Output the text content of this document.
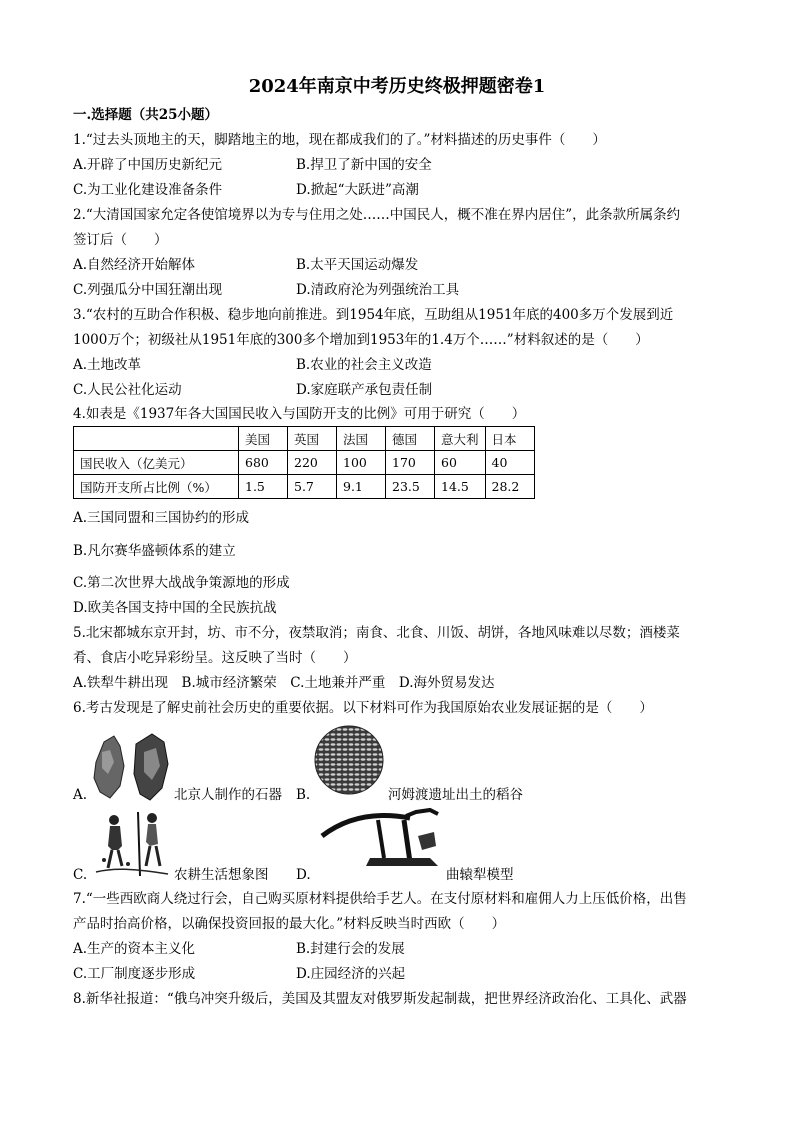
2024年南京中考历史终极押题密卷1
一.选择题（共25小题）
1.“过去头顶地主的天，脚踏地主的地，现在都成我们的了。”材料描述的历史事件（　　）
A.开辟了中国历史新纪元	B.捍卫了新中国的安全
C.为工业化建设准备条件	D.掀起“大跃进”高潮
2.“大清国国家允定各使馆境界以为专与住用之处……中国民人，概不准在界内居住”，此条款所属条约
签订后（　　）
A.自然经济开始解体	B.太平天国运动爆发
C.列强瓜分中国狂潮出现	D.清政府沦为列强统治工具
3.“农村的互助合作积极、稳步地向前推进。到1954年底，互助组从1951年底的400多万个发展到近
1000万个；初级社从1951年底的300多个增加到1953年的1.4万个……”材料叙述的是（　　）
A.土地改革	B.农业的社会主义改造
C.人民公社化运动	D.家庭联产承包责任制
4.如表是《1937年各大国国民收入与国防开支的比例》可用于研究（　　）
	美国	英国	法国	德国	意大利	日本
国民收入（亿美元）	680	220	100	170	60	40
国防开支所占比例（%）	1.5	5.7	9.1	23.5	14.5	28.2
A.三国同盟和三国协约的形成
B.凡尔赛华盛顿体系的建立
C.第二次世界大战战争策源地的形成
D.欧美各国支持中国的全民族抗战
5.北宋都城东京开封，坊、市不分，夜禁取消；南食、北食、川饭、胡饼，各地风味难以尽数；酒楼菜
肴、食店小吃异彩纷呈。这反映了当时（　　）
A.铁犁牛耕出现　B.城市经济繁荣　C.土地兼并严重　D.海外贸易发达
6.考古发现是了解史前社会历史的重要依据。以下材料可作为我国原始农业发展证据的是（　　）
A.	北京人制作的石器 B.	河姆渡遗址出土的稻谷
C.	农耕生活想象图 D.	曲辕犁模型
7.“一些西欧商人绕过行会，自己购买原材料提供给手艺人。在支付原材料和雇佣人力上压低价格，出售
产品时抬高价格，以确保投资回报的最大化。”材料反映当时西欧（　　）
A.生产的资本主义化	B.封建行会的发展
C.工厂制度逐步形成	D.庄园经济的兴起
8.新华社报道：“俄乌冲突升级后，美国及其盟友对俄罗斯发起制裁，把世界经济政治化、工具化、武器
